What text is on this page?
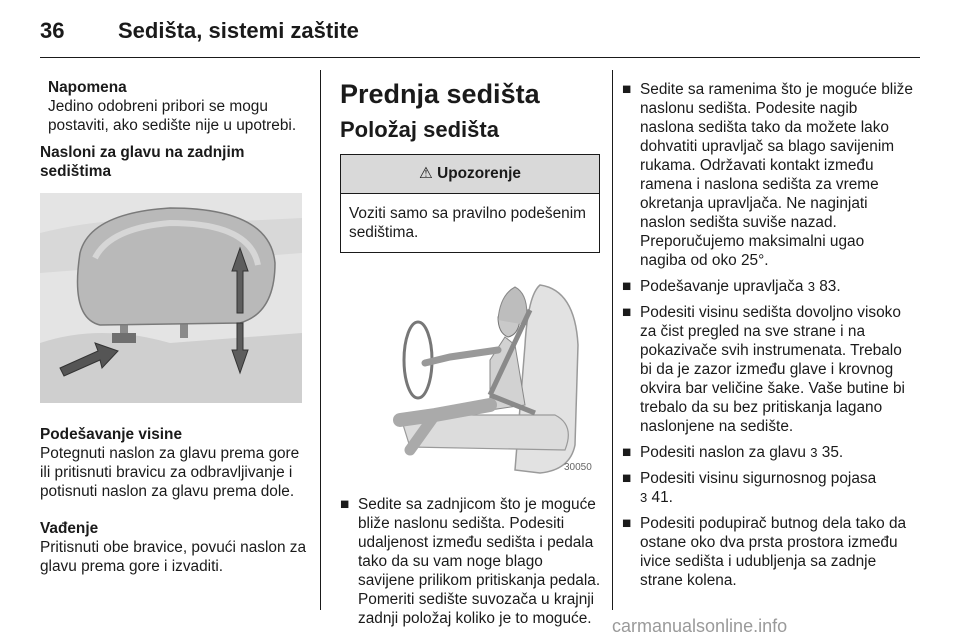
36 Sedišta, sistemi zaštite
Napomena
Jedino odobreni pribori se mogu postaviti, ako sedište nije u upotrebi.
Nasloni za glavu na zadnjim sedištima
Podešavanje visine
Potegnuti naslon za glavu prema gore ili pritisnuti bravicu za odbravljivanje i potisnuti naslon za glavu prema dole.
Vađenje
Pritisnuti obe bravice, povući naslon za glavu prema gore i izvaditi.
Prednja sedišta
Položaj sedišta
⚠ Upozorenje
Voziti samo sa pravilno podešenim sedištima.
30050
■ Sedite sa zadnjicom što je moguće bliže naslonu sedišta. Podesiti udaljenost između sedišta i pedala tako da su vam noge blago savijene prilikom pritiskanja pedala. Pomeriti sedište suvozača u krajnji zadnji položaj koliko je to moguće.
■ Sedite sa ramenima što je moguće bliže naslonu sedišta. Podesite nagib naslona sedišta tako da možete lako dohvatiti upravljač sa blago savijenim rukama. Održavati kontakt između ramena i naslona sedišta za vreme okretanja upravljača. Ne naginjati naslon sedišta suviše nazad. Preporučujemo maksimalni ugao nagiba od oko 25°.
■ Podešavanje upravljača 3 83.
■ Podesiti visinu sedišta dovoljno visoko za čist pregled na sve strane i na pokazivače svih instrumenata. Trebalo bi da je zazor između glave i krovnog okvira bar veličine šake. Vaše butine bi trebalo da su bez pritiskanja lagano naslonjene na sedište.
■ Podesiti naslon za glavu 3 35.
■ Podesiti visinu sigurnosnog pojasa
3 41.
■ Podesiti podupirač butnog dela tako da ostane oko dva prsta prostora između ivice sedišta i udubljenja sa zadnje strane kolena.
carmanualsonline.info
